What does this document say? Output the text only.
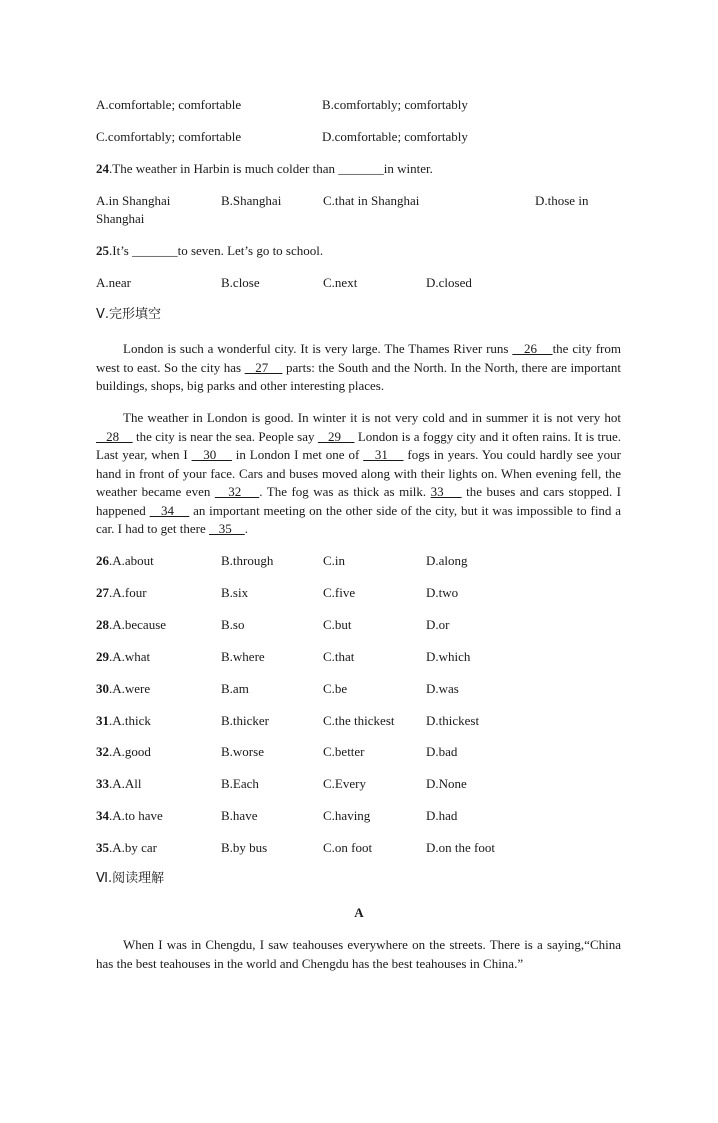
A.comfortable; comfortable	B.comfortably; comfortably
C.comfortably; comfortable	D.comfortable; comfortably
24.The weather in Harbin is much colder than _______in winter.
A.in Shanghai	B.Shanghai	C.that in Shanghai	D.those in
Shanghai
25.It’s _______to seven. Let’s go to school.
A.near	B.close	C.next	D.closed
Ⅴ.完形填空
London is such a wonderful city. It is very large. The Thames River runs    26    the city from west to east. So the city has    27     parts: the South and the North. In the North, there are important buildings, shops, big parks and other interesting places.
The weather in London is good. In winter it is not very cold and in summer it is not very hot    28     the city is near the sea. People say    29     London is a foggy city and it often rains. It is true. Last year, when I    30     in London I met one of    31     fogs in years. You could hardly see your hand in front of your face. Cars and buses moved along with their lights on. When evening fell, the weather became even    32    . The fog was as thick as milk. 33     the buses and cars stopped. I happened    34     an important meeting on the other side of the city, but it was impossible to find a car. I had to get there    35    .
26.A.about	B.through	C.in	D.along
27.A.four	B.six	C.five	D.two
28.A.because	B.so	C.but	D.or
29.A.what	B.where	C.that	D.which
30.A.were	B.am	C.be	D.was
31.A.thick	B.thicker	C.the thickest D.thickest
32.A.good	B.worse	C.better	D.bad
33.A.All	B.Each	C.Every	D.None
34.A.to have	B.have	C.having	D.had
35.A.by car	B.by bus	C.on foot	D.on the foot
Ⅵ.阅读理解
A
When I was in Chengdu, I saw teahouses everywhere on the streets. There is a saying,“China has the best teahouses in the world and Chengdu has the best teahouses in China.”
